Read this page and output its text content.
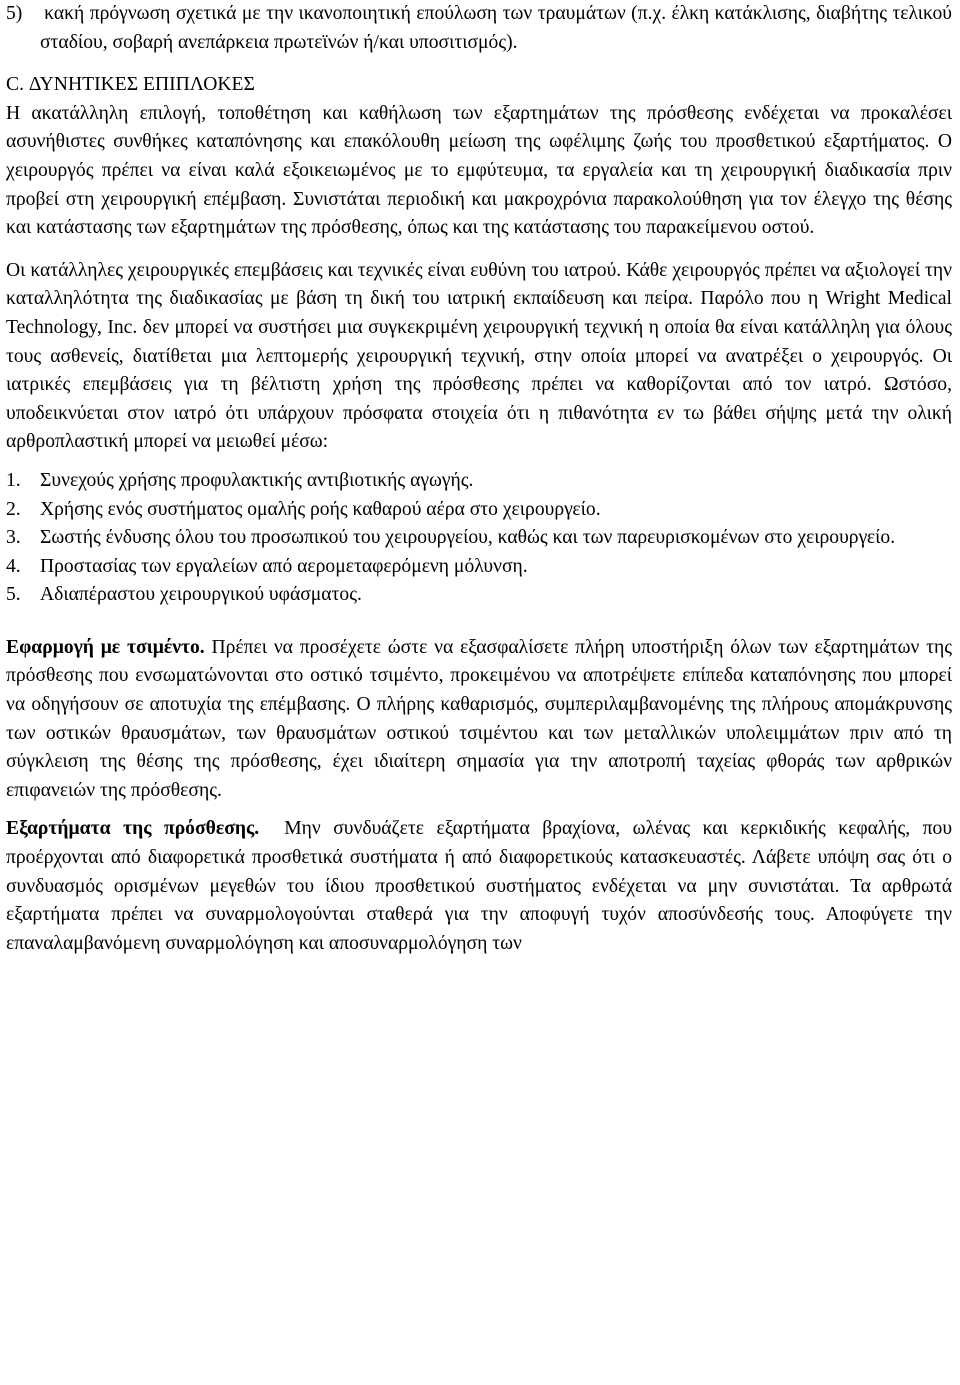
5) κακή πρόγνωση σχετικά με την ικανοποιητική επούλωση των τραυμάτων (π.χ. έλκη κατάκλισης, διαβήτης τελικού σταδίου, σοβαρή ανεπάρκεια πρωτεϊνών ή/και υποσιτισμός).

C. ΔΥΝΗΤΙΚΕΣ ΕΠΙΠΛΟΚΕΣ

Η ακατάλληλη επιλογή, τοποθέτηση και καθήλωση των εξαρτημάτων της πρόσθεσης ενδέχεται να προκαλέσει ασυνήθιστες συνθήκες καταπόνησης και επακόλουθη μείωση της ωφέλιμης ζωής του προσθετικού εξαρτήματος. Ο χειρουργός πρέπει να είναι καλά εξοικειωμένος με το εμφύτευμα, τα εργαλεία και τη χειρουργική διαδικασία πριν προβεί στη χειρουργική επέμβαση. Συνιστάται περιοδική και μακροχρόνια παρακολούθηση για τον έλεγχο της θέσης και κατάστασης των εξαρτημάτων της πρόσθεσης, όπως και της κατάστασης του παρακείμενου οστού.

Οι κατάλληλες χειρουργικές επεμβάσεις και τεχνικές είναι ευθύνη του ιατρού. Κάθε χειρουργός πρέπει να αξιολογεί την καταλληλότητα της διαδικασίας με βάση τη δική του ιατρική εκπαίδευση και πείρα. Παρόλο που η Wright Medical Technology, Inc. δεν μπορεί να συστήσει μια συγκεκριμένη χειρουργική τεχνική η οποία θα είναι κατάλληλη για όλους τους ασθενείς, διατίθεται μια λεπτομερής χειρουργική τεχνική, στην οποία μπορεί να ανατρέξει ο χειρουργός. Οι ιατρικές επεμβάσεις για τη βέλτιστη χρήση της πρόσθεσης πρέπει να καθορίζονται από τον ιατρό. Ωστόσο, υποδεικνύεται στον ιατρό ότι υπάρχουν πρόσφατα στοιχεία ότι η πιθανότητα εν τω βάθει σήψης μετά την ολική αρθροπλαστική μπορεί να μειωθεί μέσω:

1. Συνεχούς χρήσης προφυλακτικής αντιβιοτικής αγωγής.
2. Χρήσης ενός συστήματος ομαλής ροής καθαρού αέρα στο χειρουργείο.
3. Σωστής ένδυσης όλου του προσωπικού του χειρουργείου, καθώς και των παρευρισκομένων στο χειρουργείο.
4. Προστασίας των εργαλείων από αερομεταφερόμενη μόλυνση.
5. Αδιαπέραστου χειρουργικού υφάσματος.

Εφαρμογή με τσιμέντο. Πρέπει να προσέχετε ώστε να εξασφαλίσετε πλήρη υποστήριξη όλων των εξαρτημάτων της πρόσθεσης που ενσωματώνονται στο οστικό τσιμέντο, προκειμένου να αποτρέψετε επίπεδα καταπόνησης που μπορεί να οδηγήσουν σε αποτυχία της επέμβασης. Ο πλήρης καθαρισμός, συμπεριλαμβανομένης της πλήρους απομάκρυνσης των οστικών θραυσμάτων, των θραυσμάτων οστικού τσιμέντου και των μεταλλικών υπολειμμάτων πριν από τη σύγκλειση της θέσης της πρόσθεσης, έχει ιδιαίτερη σημασία για την αποτροπή ταχείας φθοράς των αρθρικών επιφανειών της πρόσθεσης.

Εξαρτήματα της πρόσθεσης. Μην συνδυάζετε εξαρτήματα βραχίονα, ωλένας και κερκιδικής κεφαλής, που προέρχονται από διαφορετικά προσθετικά συστήματα ή από διαφορετικούς κατασκευαστές. Λάβετε υπόψη σας ότι ο συνδυασμός ορισμένων μεγεθών του ίδιου προσθετικού συστήματος ενδέχεται να μην συνιστάται. Τα αρθρωτά εξαρτήματα πρέπει να συναρμολογούνται σταθερά για την αποφυγή τυχόν αποσύνδεσής τους. Αποφύγετε την επαναλαμβανόμενη συναρμολόγηση και αποσυναρμολόγηση των
